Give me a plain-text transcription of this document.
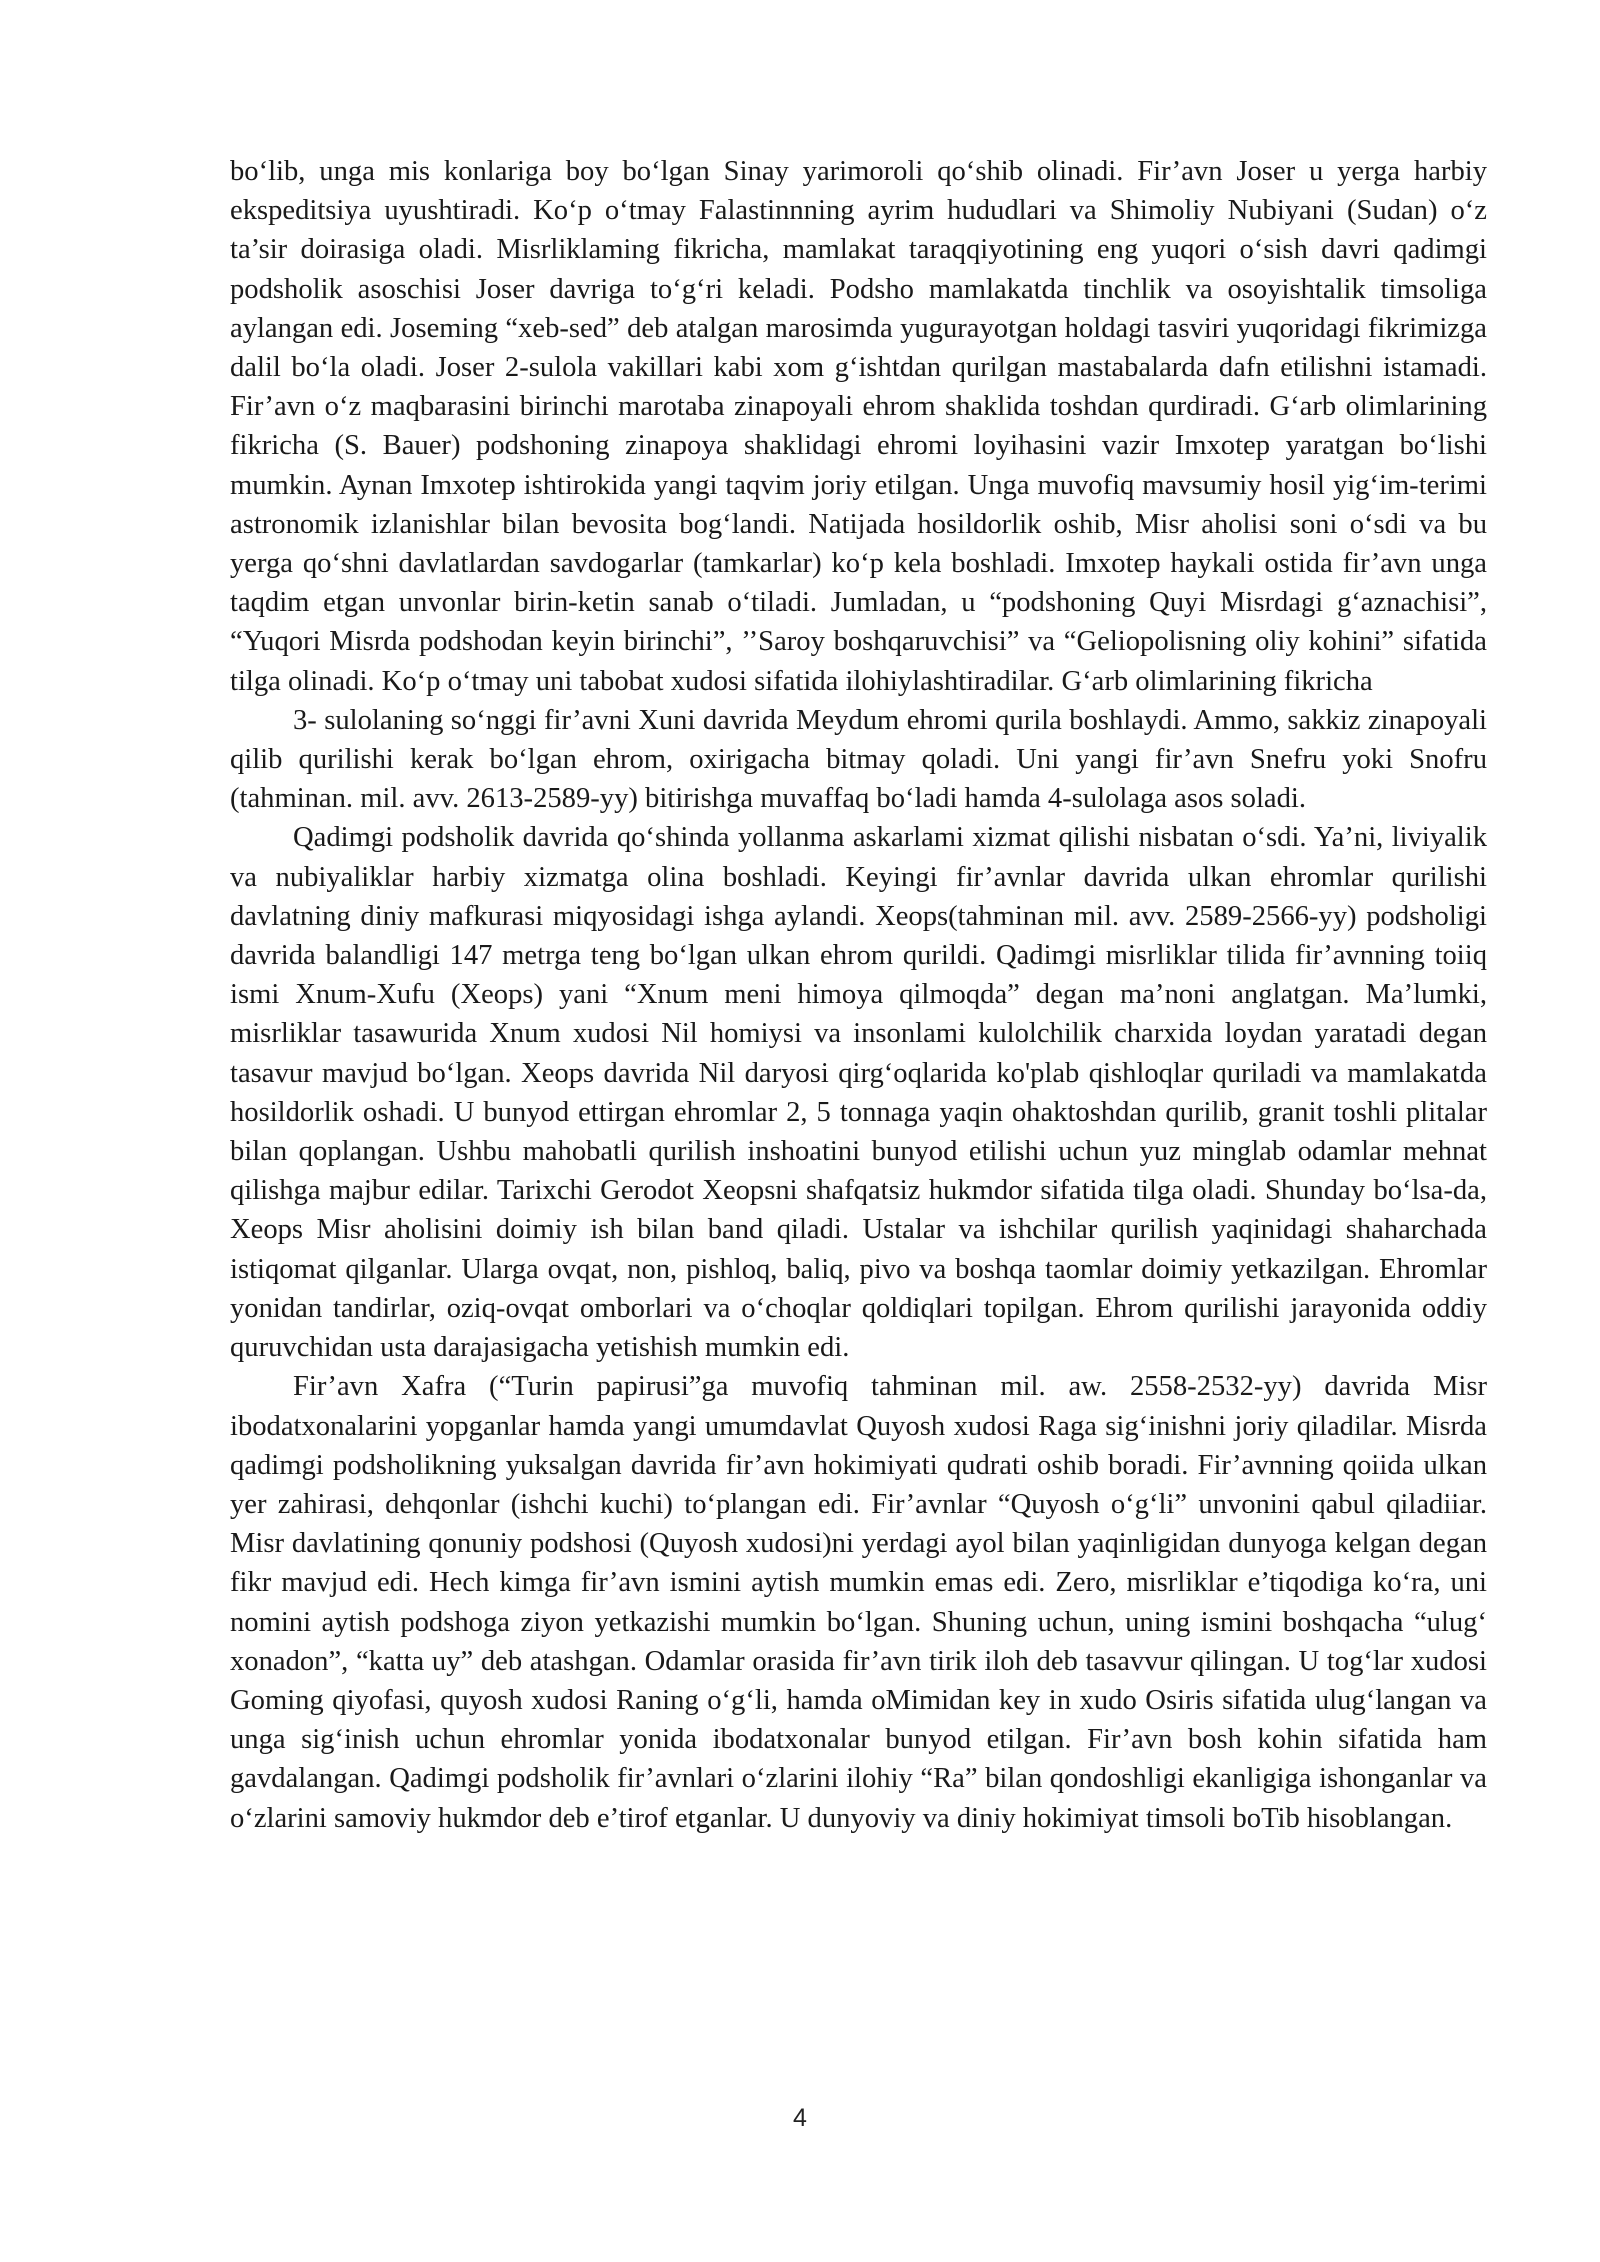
bo‘lib, unga mis konlariga boy bo‘lgan Sinay yarimoroli qo‘shib olinadi. Fir’avn Joser u yerga harbiy ekspeditsiya uyushtiradi. Ko‘p o‘tmay Falastinnning ayrim hududlari va Shimoliy Nubiyani (Sudan) o‘z ta’sir doirasiga oladi. Misrliklaming fikricha, mamlakat taraqqiyotining eng yuqori o‘sish davri qadimgi podsholik asoschisi Joser davriga to‘g‘ri keladi. Podsho mamlakatda tinchlik va osoyishtalik timsoliga aylangan edi. Joseming “xeb-sed” deb atalgan marosimda yugurayotgan holdagi tasviri yuqoridagi fikrimizga dalil bo‘la oladi. Joser 2-sulola vakillari kabi xom g‘ishtdan qurilgan mastabalarda dafn etilishni istamadi. Fir’avn o‘z maqbarasini birinchi marotaba zinapoyali ehrom shaklida toshdan qurdiradi. G‘arb olimlarining fikricha (S. Bauer) podshoning zinapoya shaklidagi ehromi loyihasini vazir Imxotep yaratgan bo‘lishi mumkin. Aynan Imxotep ishtirokida yangi taqvim joriy etilgan. Unga muvofiq mavsumiy hosil yig‘im-terimi astronomik izlanishlar bilan bevosita bog‘landi. Natijada hosildorlik oshib, Misr aholisi soni o‘sdi va bu yerga qo‘shni davlatlardan savdogarlar (tamkarlar) ko‘p kela boshladi. Imxotep haykali ostida fir’avn unga taqdim etgan unvonlar birin-ketin sanab o‘tiladi. Jumladan, u “podshoning Quyi Misrdagi g‘aznachisi”, “Yuqori Misrda podshodan keyin birinchi”, ’’Saroy boshqaruvchisi” va “Geliopolisning oliy kohini” sifatida tilga olinadi. Ko‘p o‘tmay uni tabobat xudosi sifatida ilohiylashtiradilar. G‘arb olimlarining fikricha

3- sulolaning so‘nggi fir’avni Xuni davrida Meydum ehromi qurila boshlaydi. Ammo, sakkiz zinapoyali qilib qurilishi kerak bo‘lgan ehrom, oxirigacha bitmay qoladi. Uni yangi fir’avn Snefru yoki Snofru (tahminan. mil. avv. 2613-2589-yy) bitirishga muvaffaq bo‘ladi hamda 4-sulolaga asos soladi.

Qadimgi podsholik davrida qo‘shinda yollanma askarlami xizmat qilishi nisbatan o‘sdi. Ya’ni, liviyalik va nubiyaliklar harbiy xizmatga olina boshladi. Keyingi fir’avnlar davrida ulkan ehromlar qurilishi davlatning diniy mafkurasi miqyosidagi ishga aylandi. Xeops(tahminan mil. avv. 2589-2566-yy) podsholigi davrida balandligi 147 metrga teng bo‘lgan ulkan ehrom qurildi. Qadimgi misrliklar tilida fir’avnning toiiq ismi Xnum-Xufu (Xeops) yani “Xnum meni himoya qilmoqda” degan ma’noni anglatgan. Ma’lumki, misrliklar tasawurida Xnum xudosi Nil homiysi va insonlami kulolchilik charxida loydan yaratadi degan tasavur mavjud bo‘lgan. Xeops davrida Nil daryosi qirg‘oqlarida ko'plab qishloqlar quriladi va mamlakatda hosildorlik oshadi. U bunyod ettirgan ehromlar 2, 5 tonnaga yaqin ohaktoshdan qurilib, granit toshli plitalar bilan qoplangan. Ushbu mahobatli qurilish inshoatini bunyod etilishi uchun yuz minglab odamlar mehnat qilishga majbur edilar. Tarixchi Gerodot Xeopsni shafqatsiz hukmdor sifatida tilga oladi. Shunday bo‘lsa-da, Xeops Misr aholisini doimiy ish bilan band qiladi. Ustalar va ishchilar qurilish yaqinidagi shaharchada istiqomat qilganlar. Ularga ovqat, non, pishloq, baliq, pivo va boshqa taomlar doimiy yetkazilgan. Ehromlar yonidan tandirlar, oziq-ovqat omborlari va o‘choqlar qoldiqlari topilgan. Ehrom qurilishi jarayonida oddiy quruvchidan usta darajasigacha yetishish mumkin edi.

Fir’avn Xafra (“Turin papirusi”ga muvofiq tahminan mil. aw. 2558-2532-yy) davrida Misr ibodatxonalarini yopganlar hamda yangi umumdavlat Quyosh xudosi Raga sig‘inishni joriy qiladilar. Misrda qadimgi podsholikning yuksalgan davrida fir’avn hokimiyati qudrati oshib boradi. Fir’avnning qoiida ulkan yer zahirasi, dehqonlar (ishchi kuchi) to‘plangan edi. Fir’avnlar “Quyosh o‘g‘li” unvonini qabul qiladiiar. Misr davlatining qonuniy podshosi (Quyosh xudosi)ni yerdagi ayol bilan yaqinligidan dunyoga kelgan degan fikr mavjud edi. Hech kimga fir’avn ismini aytish mumkin emas edi. Zero, misrliklar e’tiqodiga ko‘ra, uni nomini aytish podshoga ziyon yetkazishi mumkin bo‘lgan. Shuning uchun, uning ismini boshqacha “ulug‘ xonadon”, “katta uy” deb atashgan. Odamlar orasida fir’avn tirik iloh deb tasavvur qilingan. U tog‘lar xudosi Goming qiyofasi, quyosh xudosi Raning o‘g‘li, hamda oMimidan key in xudo Osiris sifatida ulug‘langan va unga sig‘inish uchun ehromlar yonida ibodatxonalar bunyod etilgan. Fir’avn bosh kohin sifatida ham gavdalangan. Qadimgi podsholik fir’avnlari o‘zlarini ilohiy “Ra” bilan qondoshligi ekanligiga ishonganlar va o‘zlarini samoviy hukmdor deb e’tirof etganlar. U dunyoviy va diniy hokimiyat timsoli boTib hisoblangan.

4
